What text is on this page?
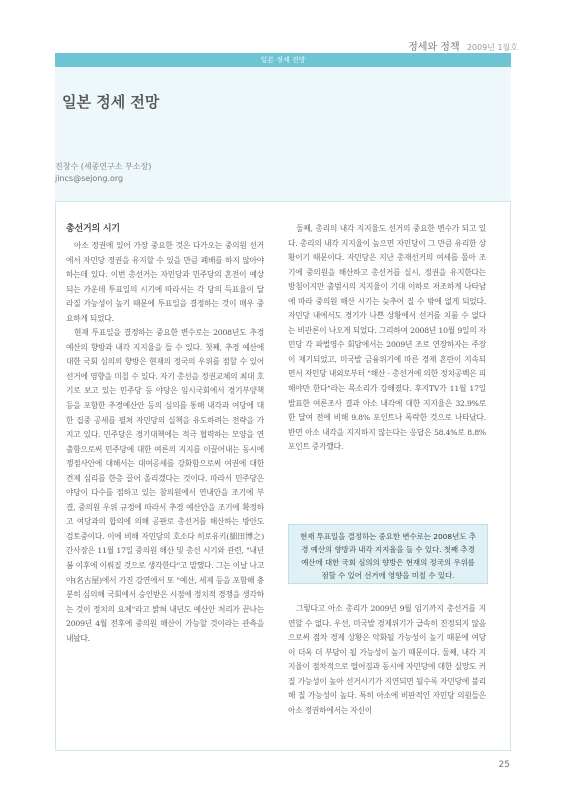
정세와 정책 2009년 1월호
일본 정세 전망
일본 정세 전망
진창수 (세종연구소 부소장)
jincs@sejong.org
총선거의 시기

아소 정권에 있어 가장 중요한 것은 다가오는 중의원 선거에서 자민당 정권을 유지할 수 있을 만큼 폐배를 하지 않아야 하는데 있다. 이번 총선거는 자민당과 민주당의 혼전이 예상되는 가운데 투표일의 시기에 따라서는 각 당의 득표율이 달라질 가능성이 높기 때문에 투표일을 결정하는 것이 매우 중요하게 되었다.

현재 투표일을 결정하는 중요한 변수로는 2008년도 추경 예산의 향방과 내각 지지율을 들 수 있다. 첫째, 추경 예산에 대한 국회 심의의 향방은 현재의 정국의 우위를 점할 수 있어 선거에 영향을 미칠 수 있다. 자기 총선을 정권교체의 최대 호기로 보고 있는 민주당 등 야당은 임시국회에서 경기부양책 등을 포함한 추경예산안 등의 심의를 통해 내각과 여당에 대한 집중 공세를 펼쳐 자민당의 실책을 유도하려는 전략을 가지고 있다. 민주당은 경기대책에는 적극 협력하는 모양을 연출함으로써 민주당에 대한 여론의 지지를 이끌어내는 동시에 쟁점사안에 대해서는 대여공세를 강화함으로써 여권에 대한 견제 심리를 한층 끌어 올리겠다는 것이다. 따라서 민주당은 야당이 다수를 점하고 있는 참의원에서 연내안을 조기에 부결, 중의원 우위 규정에 따라서 추경 예산안을 조기에 확정하고 여당과의 합의에 의해 공판로 총선거를 해산하는 방안도 검토중이다. 이에 비해 자민당의 호소다 히로유키(細田博之) 간사장은 11월 17일 중의원 해산 및 총선 시기와 관련, "내년 봄 이후에 이뤄질 것으로 생각한다"고 말했다. 그는 이날 나고야(名古屋)에서 가진 강연에서 또 "예산, 세제 등을 포함해 충분히 심의해 국회에서 승인받은 시점에 정치적 경쟁을 생각하는 것이 정치의 요체"라고 밝혀 내년도 예산안 처리가 끝나는 2009년 4월 전후에 중의원 해산이 가능할 것이라는 관측을 내놨다.

둘째, 총리의 내각 지지율도 선거의 중요한 변수가 되고 있다. 총리의 내각 지지율이 높으면 자민당이 그 만큼 유리한 상황이기 때문이다. 자민당은 지난 총재선거의 여세를 몰아 조기에 중의원을 해산하고 총선거를 실시, 정권을 유지한다는 방침이지만 출범시의 지지율이 기대 이하로 저조하게 나타남에 따라 중의원 해산 시기는 늦추어 질 수 밖에 없게 되었다. 자민당 내에서도 경기가 나쁜 상황에서 선거를 치룰 수 없다는 비관론이 나오게 되었다. 그리하여 2008년 10월 9일의 자민당 각 파벌영수 회담에서는 2009년 조로 연장하자는 주장이 제기되었고, 미국발 금융위기에 따른 경제 혼란이 지속되면서 자민당 내외로부터 "해산 · 총선거에 의한 정치공백은 피해야만 한다"라는 목소리가 강해졌다. 후지TV가 11월 17일 발표한 여론조사 결과 아소 내각에 대한 지지율은 32.9%로 한 달여 전에 비해 9.8% 포인트나 폭락한 것으로 나타났다. 반면 아소 내각을 지지하지 않는다는 응답은 58.4%로 8.8% 포인트 증가했다.

현재 투표일을 결정하는 중요한 변수로는 2008년도 추경 예산의 향방과 내각 지지율을 들 수 있다. 첫째 추경 예산에 대한 국회 심의의 향방은 현재의 정국의 우위를 점할 수 있어 선거에 영향을 미칠 수 있다.

그렇다고 아소 총리가 2009년 9월 임기까지 총선거를 지연할 수 없다. 우선, 미국발 경제위기가 급속히 진정되지 않음으로써 점차 경제 상황은 악화될 가능성이 높기 때문에 여당이 더욱 더 부담이 될 가능성이 높기 때문이다. 둘째, 내각 지지율이 점차적으로 떨어짐과 동시에 자민당에 대한 실망도 커질 가능성이 높아 선거시기가 지연되면 될수록 자민당에 불리해 질 가능성이 높다. 특히 아소에 비판적인 자민당 의원들은 아소 정권하에서는 자신이

25
